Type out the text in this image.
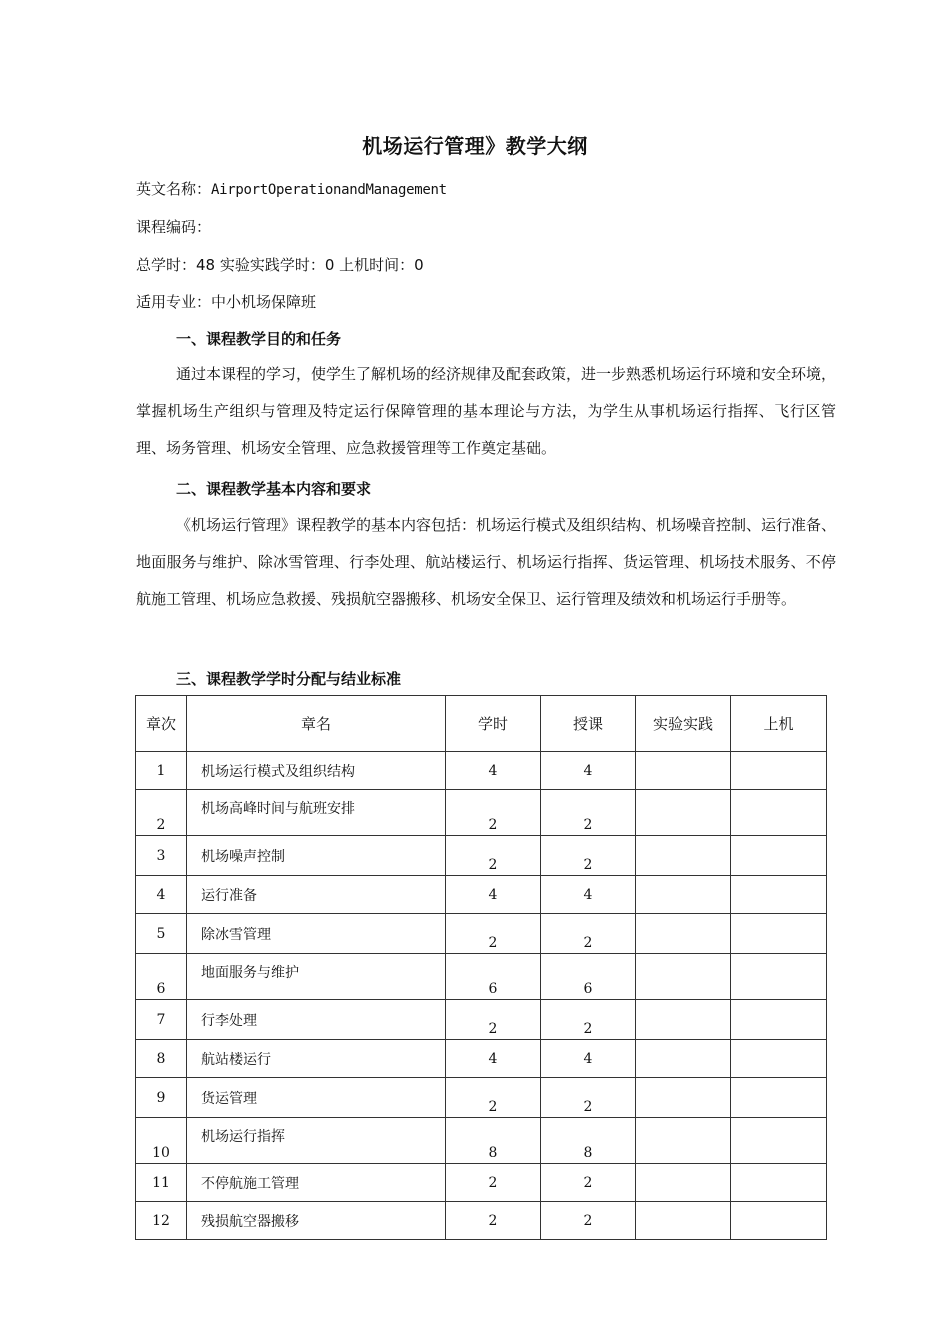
机场运行管理》教学大纲
英文名称：AirportOperationandManagement
课程编码：
总学时：48 实验实践学时：0 上机时间：0
适用专业：中小机场保障班
一、课程教学目的和任务
通过本课程的学习，使学生了解机场的经济规律及配套政策，进一步熟悉机场运行环境和安全环境，掌握机场生产组织与管理及特定运行保障管理的基本理论与方法，为学生从事机场运行指挥、飞行区管理、场务管理、机场安全管理、应急救援管理等工作奠定基础。
二、课程教学基本内容和要求
《机场运行管理》课程教学的基本内容包括：机场运行模式及组织结构、机场噪音控制、运行准备、地面服务与维护、除冰雪管理、行李处理、航站楼运行、机场运行指挥、货运管理、机场技术服务、不停航施工管理、机场应急救援、残损航空器搬移、机场安全保卫、运行管理及绩效和机场运行手册等。
三、课程教学学时分配与结业标准
章次	章名	学时	授课	实验实践	上机
1	机场运行模式及组织结构	4	4		
2	机场高峰时间与航班安排	2	2		
3	机场噪声控制	2	2		
4	运行准备	4	4		
5	除冰雪管理	2	2		
6	地面服务与维护	6	6		
7	行李处理	2	2		
8	航站楼运行	4	4		
9	货运管理	2	2		
10	机场运行指挥	8	8		
11	不停航施工管理	2	2		
12	残损航空器搬移	2	2		
